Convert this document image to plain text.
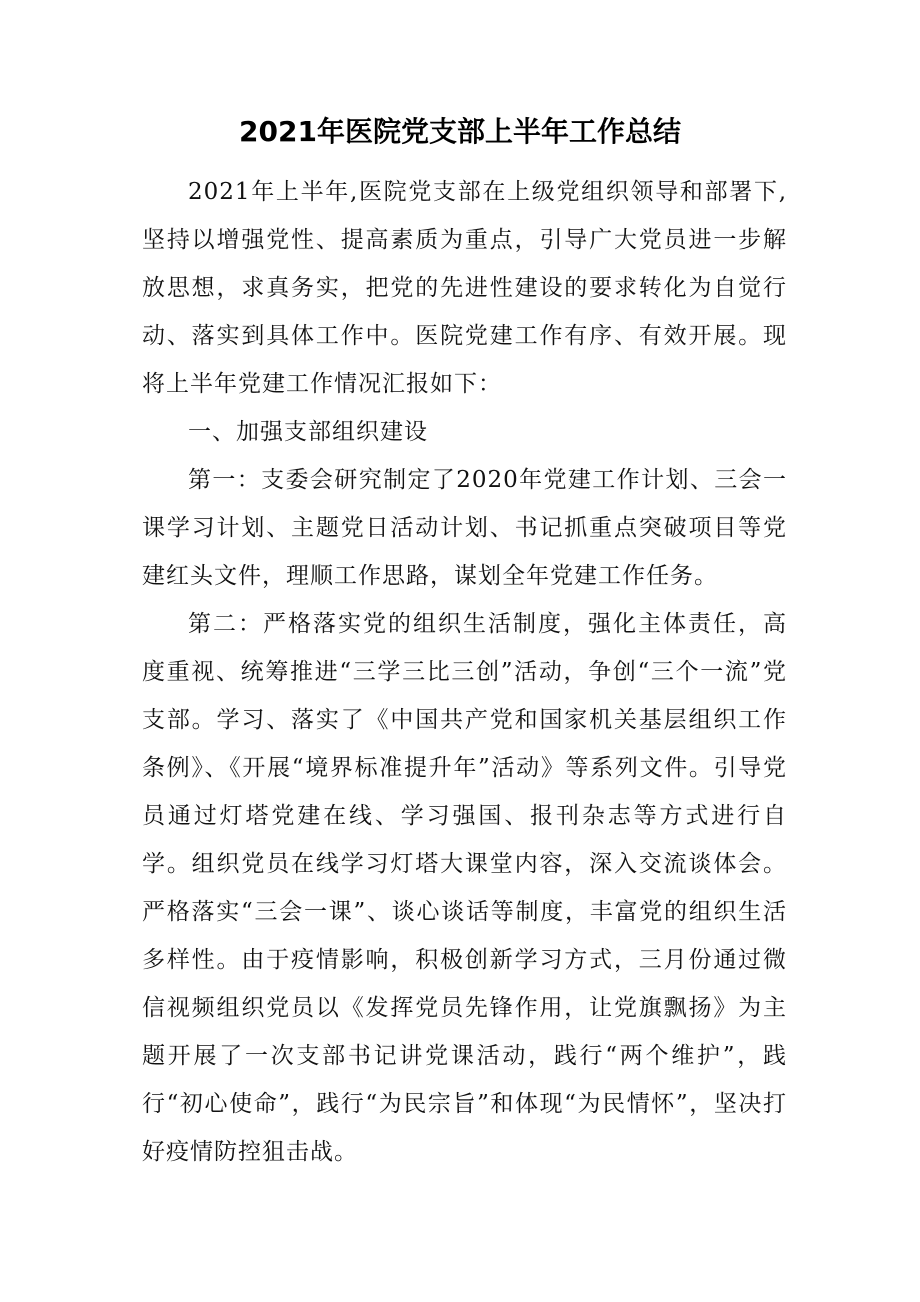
2021年医院党支部上半年工作总结

2021年上半年,医院党支部在上级党组织领导和部署下,坚持以增强党性、提高素质为重点，引导广大党员进一步解放思想，求真务实，把党的先进性建设的要求转化为自觉行动、落实到具体工作中。医院党建工作有序、有效开展。现将上半年党建工作情况汇报如下：

一、加强支部组织建设

第一：支委会研究制定了2020年党建工作计划、三会一课学习计划、主题党日活动计划、书记抓重点突破项目等党建红头文件，理顺工作思路，谋划全年党建工作任务。

第二：严格落实党的组织生活制度，强化主体责任，高度重视、统筹推进“三学三比三创”活动，争创“三个一流”党支部。学习、落实了《中国共产党和国家机关基层组织工作条例》、《开展“境界标准提升年”活动》等系列文件。引导党员通过灯塔党建在线、学习强国、报刊杂志等方式进行自学。组织党员在线学习灯塔大课堂内容，深入交流谈体会。严格落实“三会一课”、谈心谈话等制度，丰富党的组织生活多样性。由于疫情影响，积极创新学习方式，三月份通过微信视频组织党员以《发挥党员先锋作用，让党旗飘扬》为主题开展了一次支部书记讲党课活动，践行“两个维护”，践行“初心使命”，践行“为民宗旨”和体现“为民情怀”，坚决打好疫情防控狙击战。
